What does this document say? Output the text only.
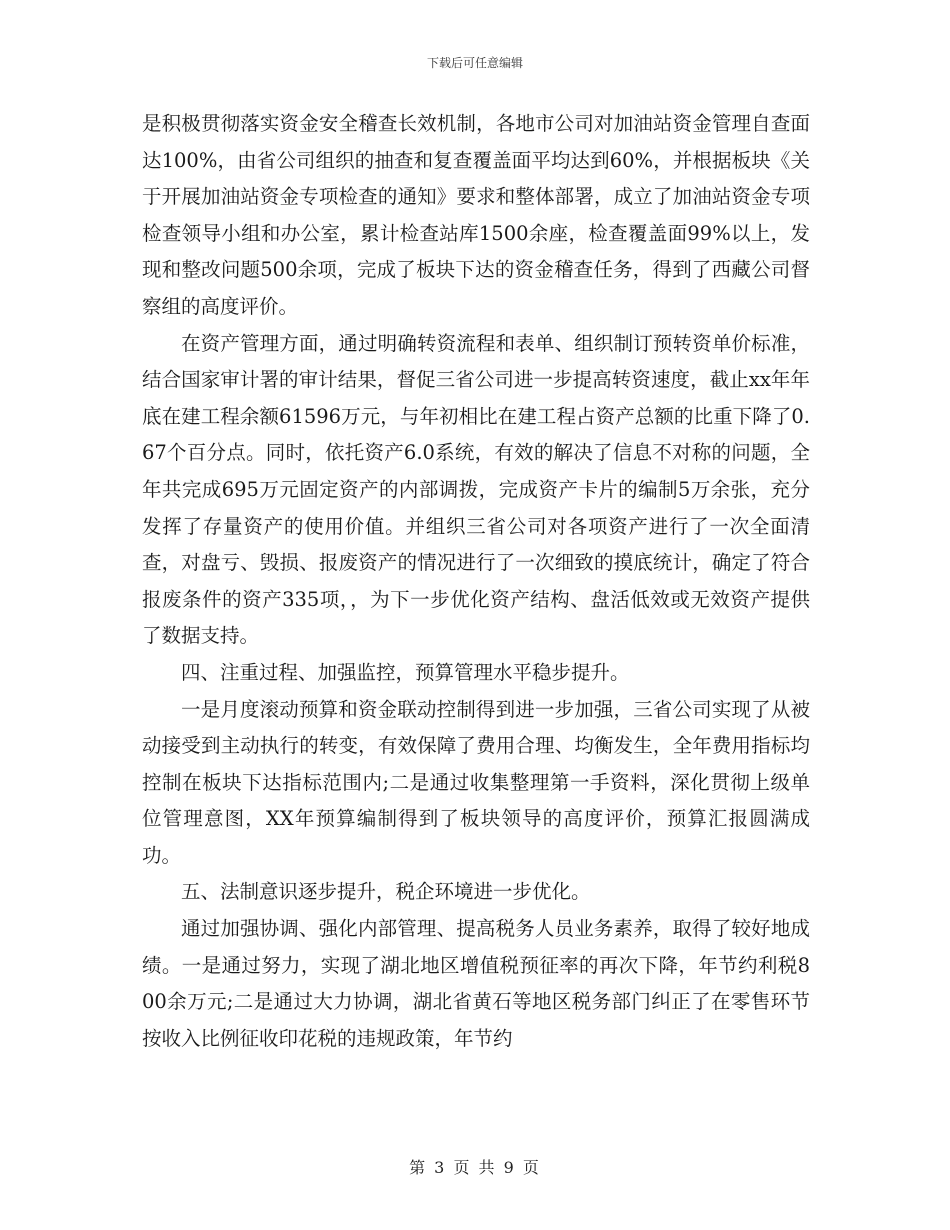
下载后可任意编辑

是积极贯彻落实资金安全稽查长效机制，各地市公司对加油站资金管理自查面达100%，由省公司组织的抽查和复查覆盖面平均达到60%，并根据板块《关于开展加油站资金专项检查的通知》要求和整体部署，成立了加油站资金专项检查领导小组和办公室，累计检查站库1500余座，检查覆盖面99%以上，发现和整改问题500余项，完成了板块下达的资金稽查任务，得到了西藏公司督察组的高度评价。

在资产管理方面，通过明确转资流程和表单、组织制订预转资单价标准，结合国家审计署的审计结果，督促三省公司进一步提高转资速度，截止xx年年底在建工程余额61596万元，与年初相比在建工程占资产总额的比重下降了0.67个百分点。同时，依托资产6.0系统，有效的解决了信息不对称的问题，全年共完成695万元固定资产的内部调拨，完成资产卡片的编制5万余张，充分发挥了存量资产的使用价值。并组织三省公司对各项资产进行了一次全面清查，对盘亏、毁损、报废资产的情况进行了一次细致的摸底统计，确定了符合报废条件的资产335项，，为下一步优化资产结构、盘活低效或无效资产提供了数据支持。

四、注重过程、加强监控，预算管理水平稳步提升。

一是月度滚动预算和资金联动控制得到进一步加强，三省公司实现了从被动接受到主动执行的转变，有效保障了费用合理、均衡发生，全年费用指标均控制在板块下达指标范围内;二是通过收集整理第一手资料，深化贯彻上级单位管理意图，XX年预算编制得到了板块领导的高度评价，预算汇报圆满成功。

五、法制意识逐步提升，税企环境进一步优化。

通过加强协调、强化内部管理、提高税务人员业务素养，取得了较好地成绩。一是通过努力，实现了湖北地区增值税预征率的再次下降，年节约利税800余万元;二是通过大力协调，湖北省黄石等地区税务部门纠正了在零售环节按收入比例征收印花税的违规政策，年节约

第 3 页 共 9 页
